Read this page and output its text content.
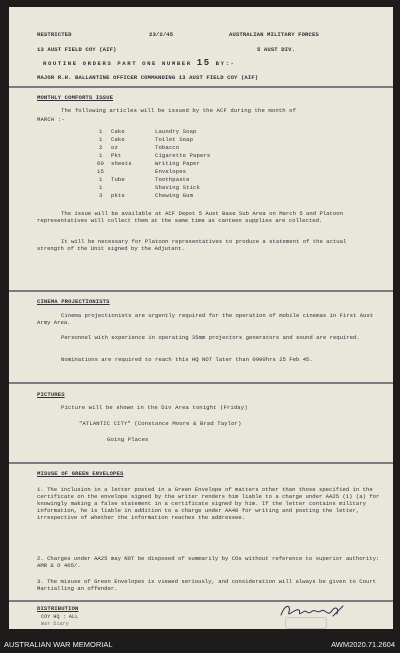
RESTRICTED	23/2/45	AUSTRALIAN MILITARY FORCES
13 AUST FIELD COY (AIF)	5 AUST DIV.
ROUTINE ORDERS PART ONE NUMBER 15 BY:-
MAJOR R.H. BALLANTINE OFFICER COMMANDING 13 AUST FIELD COY (AIF)
MONTHLY COMFORTS ISSUE
The following articles will be issued by the ACF during the month of
MARCH :-
1 Cake	Laundry Soap
1 Cake	Toilet Soap
2 oz	Tobacco
1 Pkt	Cigarette Papers
60 sheets	Writing Paper
15	Envelopes
1 Tube	Toothpaste
1	Shaving Stick
3 pkts	Chewing Gum
The issue will be available at ACF Depot 5 Aust Base Sub Area on March 5 and Platoon representatives will collect them at the same time as canteen supplies are collected.
It will be necessary for Platoon representatives to produce a statement of the actual strength of the Unit signed by the Adjutant.
CINEMA PROJECTIONISTS
Cinema projectionists are urgently required for the operation of mobile cinemas in First Aust Army Area.
Personnel with experience in operating 35mm projectors generators and sound are required.
Nominations are required to reach this HQ NOT later than 0900hrs 25 Feb 45.
PICTURES
Picture will be shown in the Div Area tonight (Friday)
"ATLANTIC CITY" (Constance Moore & Brad Taylor)
Going Places
MISUSE OF GREEN ENVELOPES
1. The inclusion in a letter posted in a Green Envelope of matters other than those specified in the certificate on the envelope signed by the writer renders him liable to a charge under AA25 (1) (a) for knowingly making a false statement in a certificate signed by him. If the letter contains military information, he is liable in addition to a charge under AA40 for writing and posting the letter, irrespective of whether the information reaches the addressee.
2. Charges under AA25 may NOT be disposed of summarily by COs without reference to superior authority: AMR & O 405/.
3. The misuse of Green Envelopes is viewed seriously, and consideration will always be given to Court Martialling an offender.
DISTRIBUTION
COY HQ : ALL
War Diary
AUSTRALIAN WAR MEMORIAL	AWM2020.71.2604
